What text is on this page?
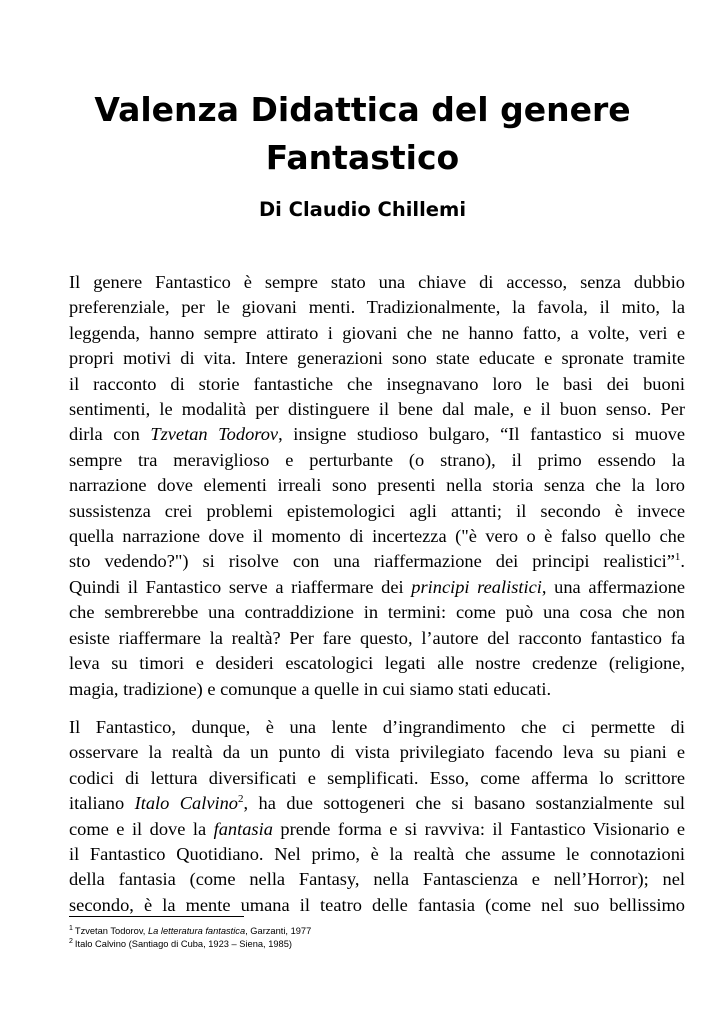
Valenza Didattica del genere
Fantastico
Di Claudio Chillemi

Il genere Fantastico è sempre stato una chiave di accesso, senza dubbio
preferenziale, per le giovani menti. Tradizionalmente, la favola, il mito, la
leggenda, hanno sempre attirato i giovani che ne hanno fatto, a volte, veri e
propri motivi di vita. Intere generazioni sono state educate e spronate tramite
il racconto di storie fantastiche che insegnavano loro le basi dei buoni
sentimenti, le modalità per distinguere il bene dal male, e il buon senso. Per
dirla con Tzvetan Todorov, insigne studioso bulgaro, “Il fantastico si muove
sempre tra meraviglioso e perturbante (o strano), il primo essendo la
narrazione dove elementi irreali sono presenti nella storia senza che la loro
sussistenza crei problemi epistemologici agli attanti; il secondo è invece
quella narrazione dove il momento di incertezza ("è vero o è falso quello che
sto vedendo?") si risolve con una riaffermazione dei principi realistici”$^1$.
Quindi il Fantastico serve a riaffermare dei principi realistici, una affermazione
che sembrerebbe una contraddizione in termini: come può una cosa che non
esiste riaffermare la realtà? Per fare questo, l’autore del racconto fantastico fa
leva su timori e desideri escatologici legati alle nostre credenze (religione,
magia, tradizione) e comunque a quelle in cui siamo stati educati.

Il Fantastico, dunque, è una lente d’ingrandimento che ci permette di
osservare la realtà da un punto di vista privilegiato facendo leva su piani e
codici di lettura diversificati e semplificati. Esso, come afferma lo scrittore
italiano Italo Calvino$^2$, ha due sottogeneri che si basano sostanzialmente sul
come e il dove la fantasia prende forma e si ravviva: il Fantastico Visionario e
il Fantastico Quotidiano. Nel primo, è la realtà che assume le connotazioni
della fantasia (come nella Fantasy, nella Fantascienza e nell’Horror); nel
secondo, è la mente umana il teatro delle fantasia (come nel suo bellissimo

$^1$ Tzvetan Todorov, La letteratura fantastica, Garzanti, 1977
$^2$ Italo Calvino (Santiago di Cuba, 1923 – Siena, 1985)
